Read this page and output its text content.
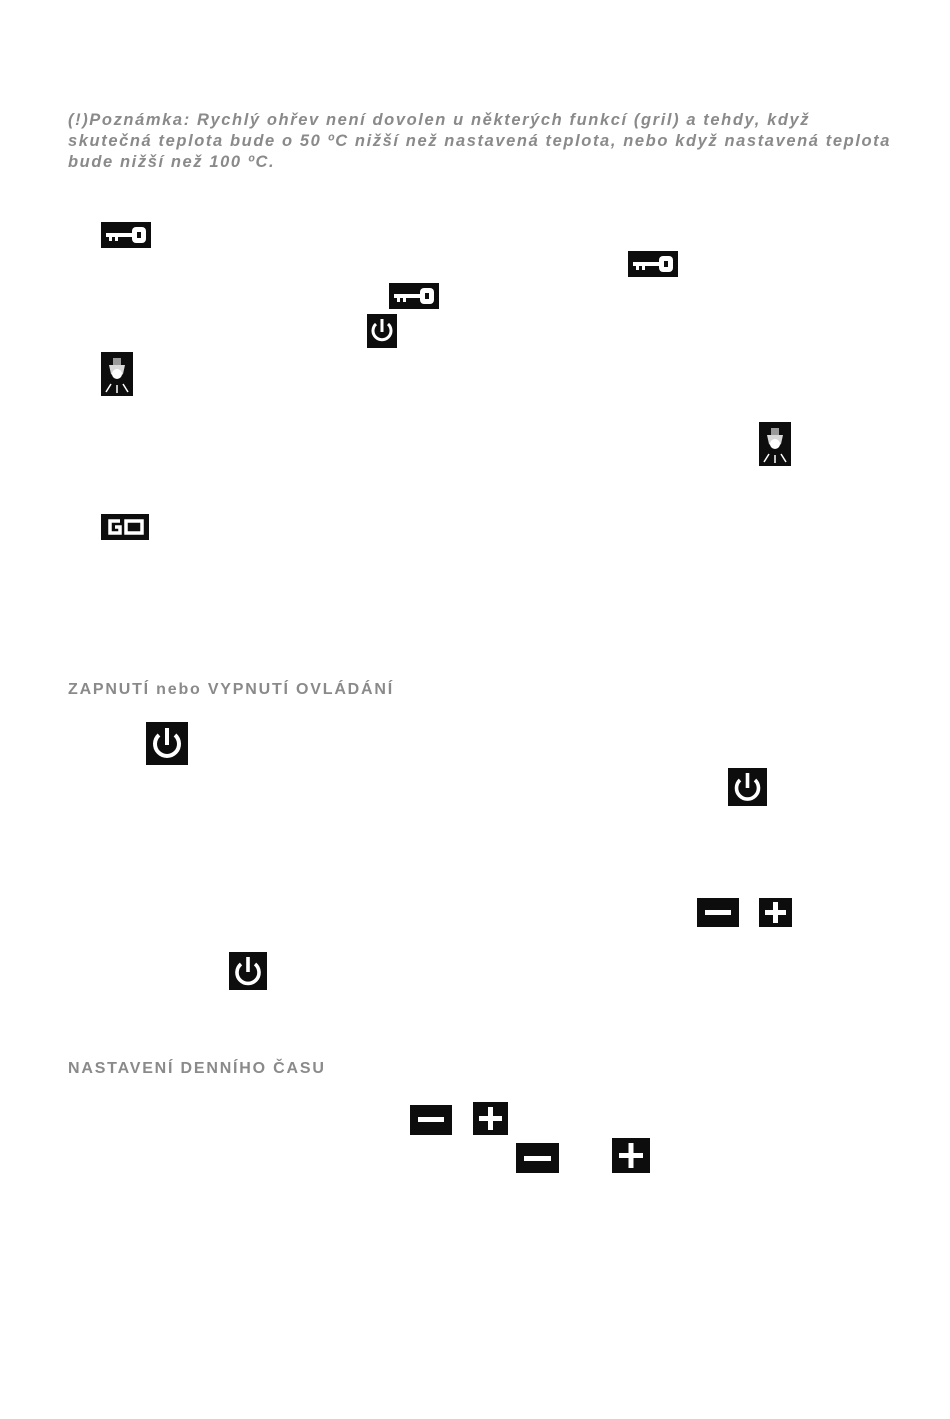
(!)Poznámka: Rychlý ohřev není dovolen u některých funkcí (gril) a tehdy, když skutečná teplota bude o 50 ºC nižší než nastavená teplota, nebo když nastavená teplota bude nižší než 100 ºC.

ZAPNUTÍ nebo VYPNUTÍ OVLÁDÁNÍ
NASTAVENÍ DENNÍHO ČASU
